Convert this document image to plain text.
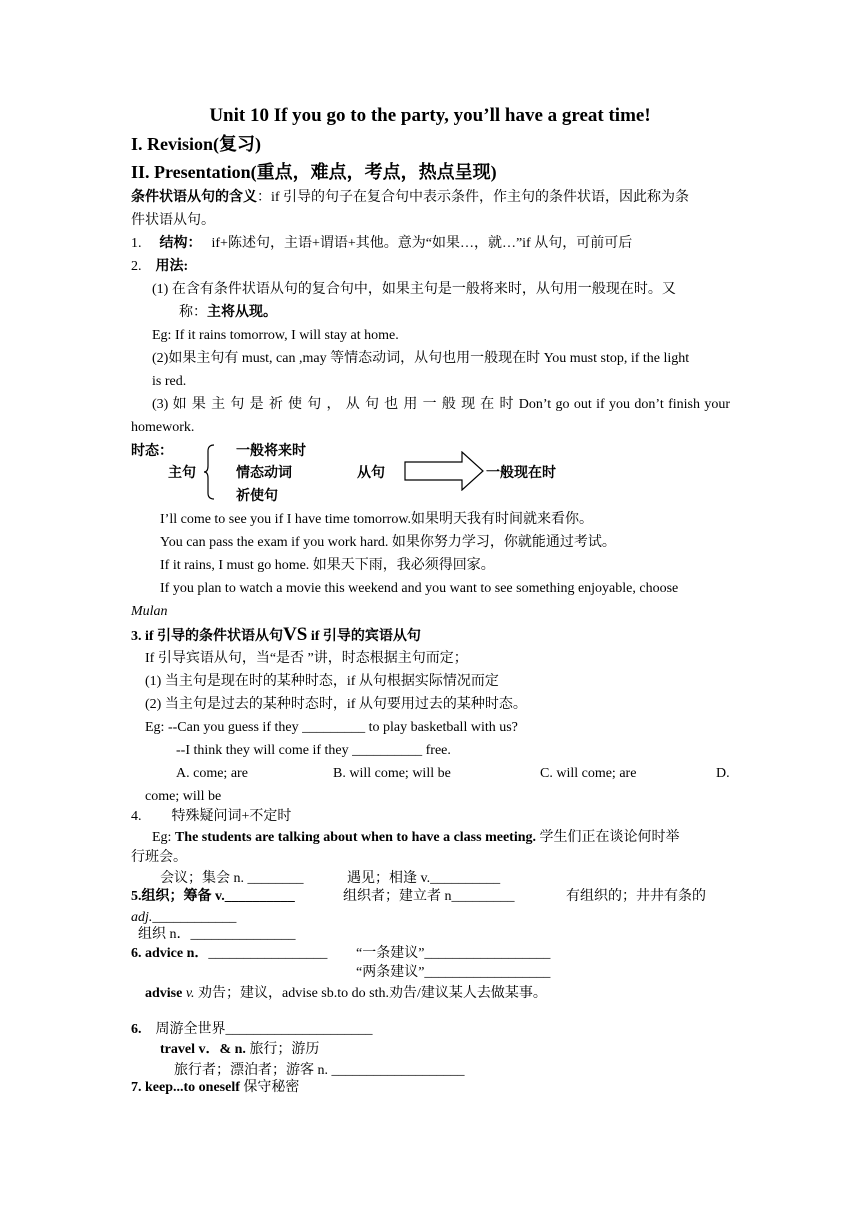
Unit 10 If you go to the party, you’ll have a great time!
I. Revision(复习)
II. Presentation(重点，难点，考点，热点呈现)
条件状语从句的含义：if 引导的句子在复合句中表示条件，作主句的条件状语，因此称为条
件状语从句。
1. 结构： if+陈述句，主语+谓语+其他。意为“如果…，就…”if 从句，可前可后
2. 用法:
(1) 在含有条件状语从句的复合句中，如果主句是一般将来时，从句用一般现在时。又
称：主将从现。
Eg: If it rains tomorrow, I will stay at home.
(2)如果主句有 must, can ,may 等情态动词，从句也用一般现在时 You must stop, if the light
is red.
(3) 如 果 主 句 是 祈 使 句 ， 从 句 也 用 一 般 现 在 时 Don’t go out if you don’t finish your
homework.
时态：
主句
一般将来时
情态动词
祈使句
从句	一般现在时
I’ll come to see you if I have time tomorrow.如果明天我有时间就来看你。
You can pass the exam if you work hard. 如果你努力学习，你就能通过考试。
If it rains, I must go home. 如果天下雨，我必须得回家。
If you plan to watch a movie this weekend and you want to see something enjoyable, choose
Mulan
3. if 引导的条件状语从句VS if 引导的宾语从句
If 引导宾语从句，当“是否 ”讲，时态根据主句而定；
(1) 当主句是现在时的某种时态，if 从句根据实际情况而定
(2) 当主句是过去的某种时态时，if 从句要用过去的某种时态。
Eg: --Can you guess if they _________ to play basketball with us?
--I think they will come if they __________ free.
A. come; are	B. will come; will be	C. will come; are	D.
come; will be
4. 特殊疑问词+不定时
Eg: The students are talking about when to have a class meeting. 学生们正在谈论何时举
行班会。
会议；集会 n. ________	遇见；相逢 v.__________
5.组织；筹备 v.__________	组织者；建立者 n_________	有组织的；井井有条的
adj.____________
组织 n．_______________
6. advice n．_________________ “一条建议”__________________
“两条建议”__________________
advise v. 劝告；建议，advise sb.to do sth.劝告/建议某人去做某事。
6. 周游全世界_____________________
travel v．& n. 旅行；游历
旅行者；漂泊者；游客 n. ___________________
7. keep...to oneself 保守秘密
